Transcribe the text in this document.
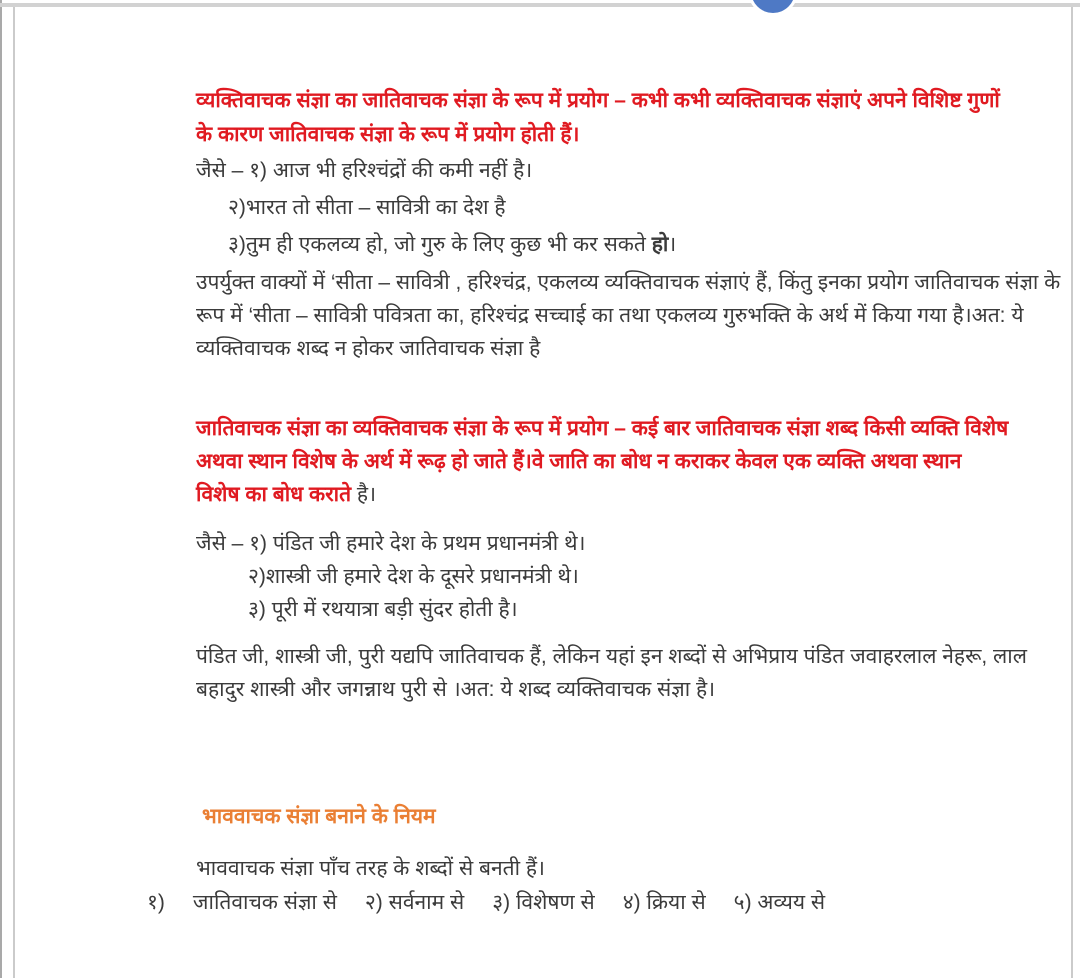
व्यक्तिवाचक संज्ञा का जातिवाचक संज्ञा के रूप में प्रयोग – कभी कभी व्यक्तिवाचक संज्ञाएं अपने विशिष्ट गुणों
के कारण जातिवाचक संज्ञा के रूप में प्रयोग होती हैं।
जैसे – १) आज भी हरिश्चंद्रों की कमी नहीं है।
२)भारत तो सीता – सावित्री का देश है
३)तुम ही एकलव्य हो, जो गुरु के लिए कुछ भी कर सकते हो।
उपर्युक्त वाक्यों में ‘सीता – सावित्री , हरिश्चंद्र, एकलव्य व्यक्तिवाचक संज्ञाएं हैं, किंतु इनका प्रयोग जातिवाचक संज्ञा के
रूप में ‘सीता – सावित्री पवित्रता का, हरिश्चंद्र सच्चाई का तथा एकलव्य गुरुभक्ति के अर्थ में किया गया है।अत: ये
व्यक्तिवाचक शब्द न होकर जातिवाचक संज्ञा है
जातिवाचक संज्ञा का व्यक्तिवाचक संज्ञा के रूप में प्रयोग – कई बार जातिवाचक संज्ञा शब्द किसी व्यक्ति विशेष
अथवा स्थान विशेष के अर्थ में रूढ़ हो जाते हैं।वे जाति का बोध न कराकर केवल एक व्यक्ति अथवा स्थान
विशेष का बोध कराते है।
जैसे – १) पंडित जी हमारे देश के प्रथम प्रधानमंत्री थे।
२)शास्त्री जी हमारे देश के दूसरे प्रधानमंत्री थे।
३) पूरी में रथयात्रा बड़ी सुंदर होती है।
पंडित जी, शास्त्री जी, पुरी यद्यपि जातिवाचक हैं, लेकिन यहां इन शब्दों से अभिप्राय पंडित जवाहरलाल नेहरू, लाल
बहादुर शास्त्री और जगन्नाथ पुरी से ।अत: ये शब्द व्यक्तिवाचक संज्ञा है।
भाववाचक संज्ञा बनाने के नियम
भाववाचक संज्ञा पाँच तरह के शब्दों से बनती हैं।
१) जातिवाचक संज्ञा से २) सर्वनाम से ३) विशेषण से ४) क्रिया से ५) अव्यय से
